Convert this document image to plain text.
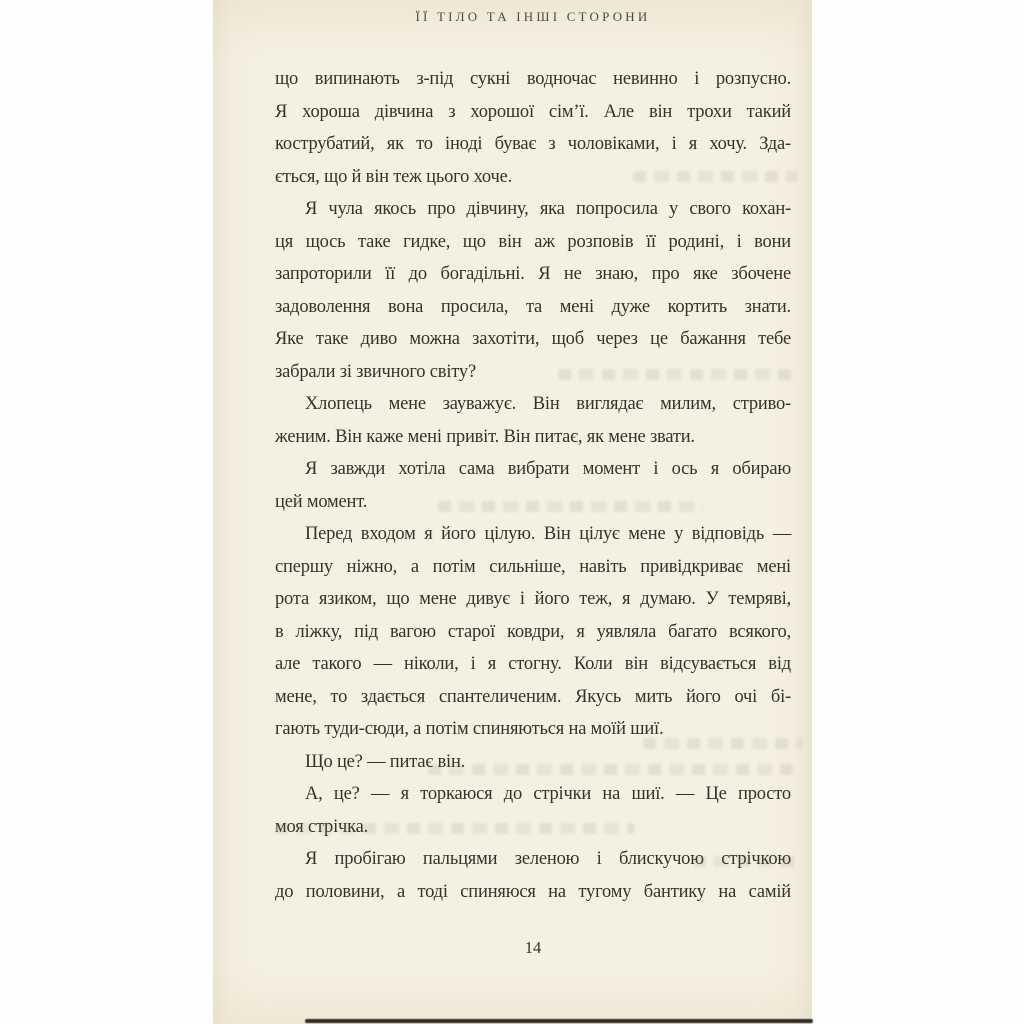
ЇЇ ТІЛО ТА ІНШІ СТОРОНИ
що випинають з-під сукні водночас невинно і розпусно.
Я хороша дівчина з хорошої сім’ї. Але він трохи такий
кострубатий, як то іноді буває з чоловіками, і я хочу. Зда-
ється, що й він теж цього хоче.
Я чула якось про дівчину, яка попросила у свого кохан-
ця щось таке гидке, що він аж розповів її родині, і вони
запроторили її до богадільні. Я не знаю, про яке збочене
задоволення вона просила, та мені дуже кортить знати.
Яке таке диво можна захотіти, щоб через це бажання тебе
забрали зі звичного світу?
Хлопець мене зауважує. Він виглядає милим, стриво-
женим. Він каже мені привіт. Він питає, як мене звати.
Я завжди хотіла сама вибрати момент і ось я обираю
цей момент.
Перед входом я його цілую. Він цілує мене у відповідь —
спершу ніжно, а потім сильніше, навіть привідкриває мені
рота язиком, що мене дивує і його теж, я думаю. У темряві,
в ліжку, під вагою старої ковдри, я уявляла багато всякого,
але такого — ніколи, і я стогну. Коли він відсувається від
мене, то здається спантеличеним. Якусь мить його очі бі-
гають туди-сюди, а потім спиняються на моїй шиї.
Що це? — питає він.
А, це? — я торкаюся до стрічки на шиї. — Це просто
моя стрічка.
Я пробігаю пальцями зеленою і блискучою стрічкою
до половини, а тоді спиняюся на тугому бантику на самій
14
